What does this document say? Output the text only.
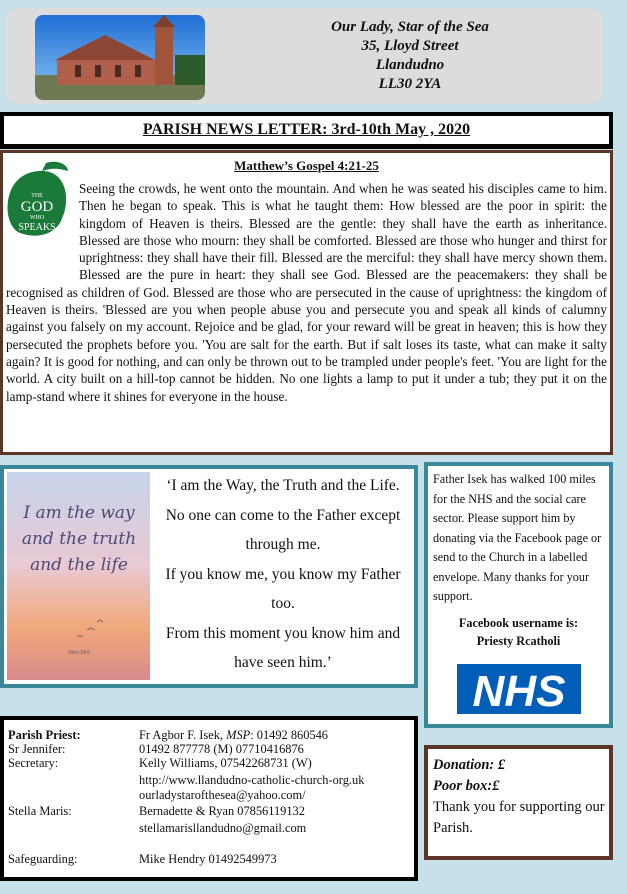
Our Lady, Star of the Sea
35, Lloyd Street
Llandudno
LL30 2YA
PARISH NEWS LETTER: 3rd-10th May , 2020
Matthew’s Gospel 4:21-25
Seeing the crowds, he went onto the mountain. And when he was seated his disciples came to him. Then he began to speak. This is what he taught them: How blessed are the poor in spirit: the kingdom of Heaven is theirs. Blessed are the gentle: they shall have the earth as inheritance. Blessed are those who mourn: they shall be comforted. Blessed are those who hunger and thirst for uprightness: they shall have their fill. Blessed are the merciful: they shall have mercy shown them. Blessed are the pure in heart: they shall see God. Blessed are the peacemakers: they shall be recognised as children of God. Blessed are those who are persecuted in the cause of uprightness: the kingdom of Heaven is theirs. 'Blessed are you when people abuse you and persecute you and speak all kinds of calumny against you falsely on my account. Rejoice and be glad, for your reward will be great in heaven; this is how they persecuted the prophets before you. 'You are salt for the earth. But if salt loses its taste, what can make it salty again? It is good for nothing, and can only be thrown out to be trampled under people's feet. 'You are light for the world. A city built on a hill-top cannot be hidden. No one lights a lamp to put it under a tub; they put it on the lamp-stand where it shines for everyone in the house.
THE
GOD
WHO
SPEAKS
I am the way
and the truth
and the life
John 14:6
‘I am the Way, the Truth and the Life.
No one can come to the Father except
through me.
If you know me, you know my Father
too.
From this moment you know him and
have seen him.’
Father Isek has walked 100 miles for the NHS and the social care sector. Please support him by donating via the Facebook page or send to the Church in a labelled envelope. Many thanks for your support.
Facebook username is:
Priesty Rcatholi
NHS
Parish Priest:	Fr Agbor F. Isek, MSP: 01492 860546
Sr Jennifer:	01492 877778 (M) 07710416876
Secretary:	Kelly Williams, 07542268731 (W)
http://www.llandudno-catholic-church-org.uk
ourladystarofthesea@yahoo.com/
Stella Maris:	Bernadette & Ryan 07856119132
stellamarisllandudno@gmail.com
Safeguarding:	Mike Hendry 01492549973
Donation: £
Poor box:£
Thank you for supporting our Parish.
